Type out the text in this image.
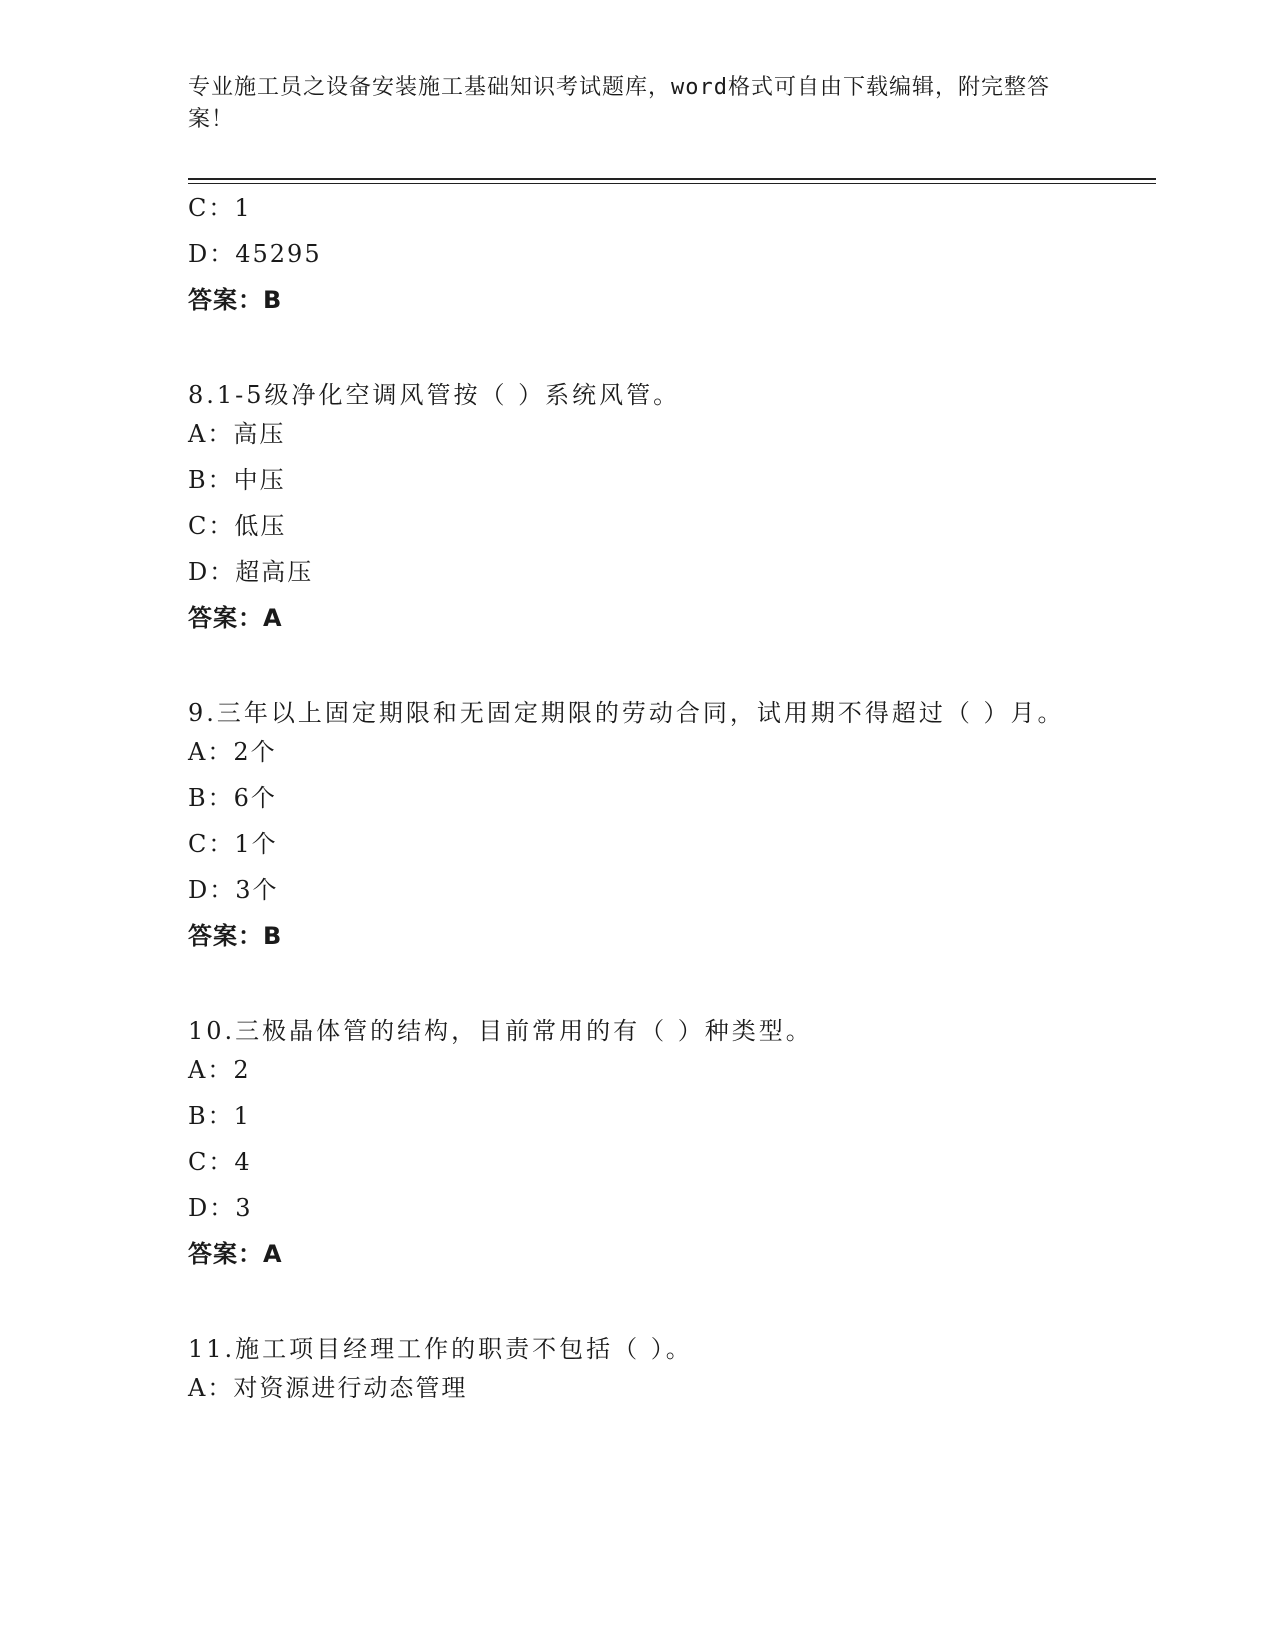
专业施工员之设备安装施工基础知识考试题库，word格式可自由下载编辑，附完整答案！
C：1
D：45295
答案：B
8.1-5级净化空调风管按（ ）系统风管。
A：高压
B：中压
C：低压
D：超高压
答案：A
9.三年以上固定期限和无固定期限的劳动合同，试用期不得超过（ ）月。
A：2个
B：6个
C：1个
D：3个
答案：B
10.三极晶体管的结构，目前常用的有（ ）种类型。
A：2
B：1
C：4
D：3
答案：A
11.施工项目经理工作的职责不包括（ ）。
A：对资源进行动态管理
